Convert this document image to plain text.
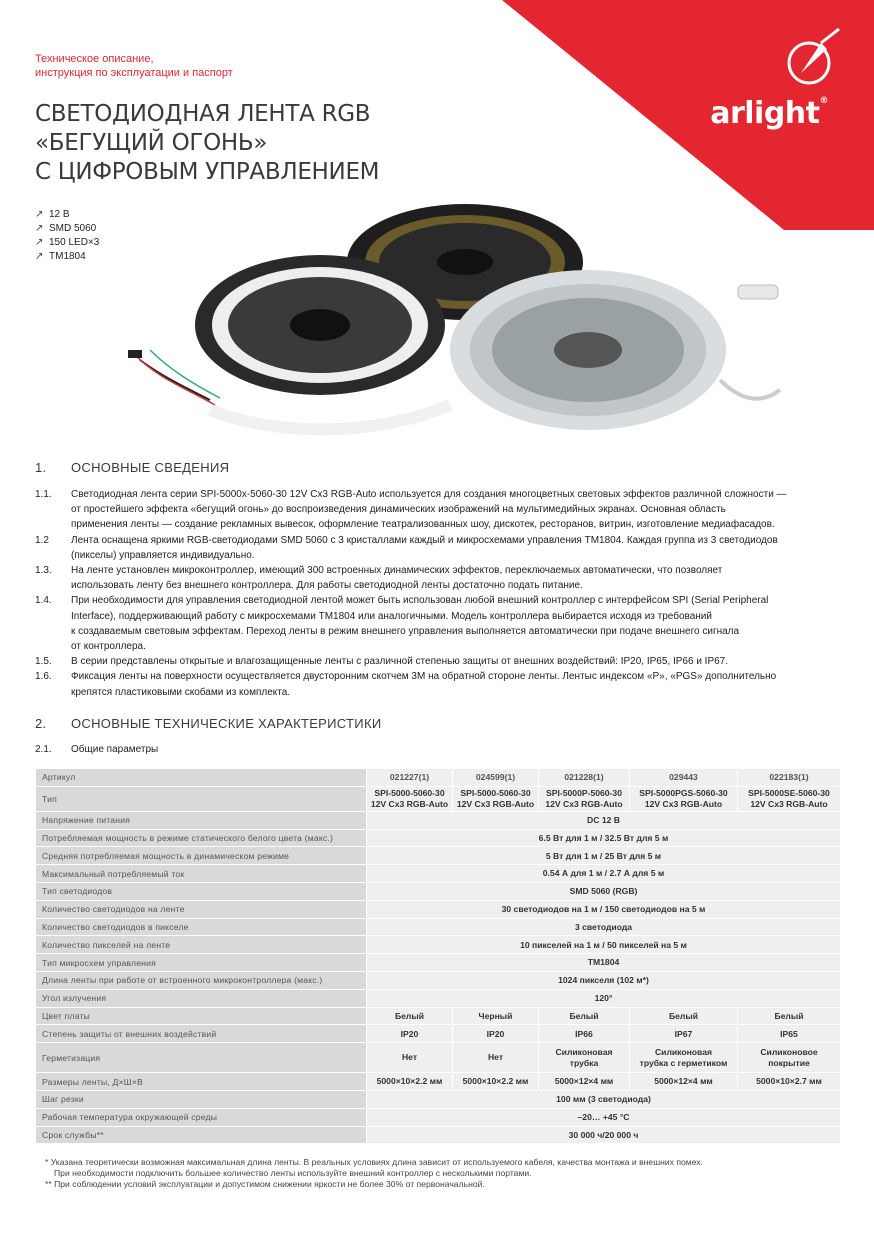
arlight®
Техническое описание,
инструкция по эксплуатации и паспорт
СВЕТОДИОДНАЯ ЛЕНТА RGB
«БЕГУЩИЙ ОГОНЬ»
С ЦИФРОВЫМ УПРАВЛЕНИЕМ
↗ 12 В
↗ SMD 5060
↗ 150 LED×3
↗ TM1804
1.	ОСНОВНЫЕ СВЕДЕНИЯ
1.1.	Светодиодная лента серии SPI-5000x-5060-30 12V Cx3 RGB-Auto используется для создания многоцветных световых эффектов различной сложности —
от простейшего эффекта «бегущий огонь» до воспроизведения динамических изображений на мультимедийных экранах. Основная область
применения ленты — создание рекламных вывесок, оформление театрализованных шоу, дискотек, ресторанов, витрин, изготовление медиафасадов.
1.2	Лента оснащена яркими RGB-светодиодами SMD 5060 с 3 кристаллами каждый и микросхемами управления TM1804. Каждая группа из 3 светодиодов
(пикселы) управляется индивидуально.
1.3.	На ленте установлен микроконтроллер, имеющий 300 встроенных динамических эффектов, переключаемых автоматически, что позволяет
использовать ленту без внешнего контроллера. Для работы светодиодной ленты достаточно подать питание.
1.4.	При необходимости для управления светодиодной лентой может быть использован любой внешний контроллер с интерфейсом SPI (Serial Peripheral
Interface), поддерживающий работу с микросхемами TM1804 или аналогичными. Модель контроллера выбирается исходя из требований
к создаваемым световым эффектам. Переход ленты в режим внешнего управления выполняется автоматически при подаче внешнего сигнала
от контроллера.
1.5.	В серии представлены открытые и влагозащищенные ленты с различной степенью защиты от внешних воздействий: IP20, IP65, IP66 и IP67.
1.6.	Фиксация ленты на поверхности осуществляется двусторонним скотчем 3M на обратной стороне ленты. Лентыс индексом «P», «PGS» дополнительно
крепятся пластиковыми скобами из комплекта.
2.	ОСНОВНЫЕ ТЕХНИЧЕСКИЕ ХАРАКТЕРИСТИКИ
2.1.	Общие параметры
Артикул	021227(1)	024599(1)	021228(1)	029443	022183(1)
Тип	SPI-5000-5060-30
12V Cx3 RGB-Auto	SPI-5000-5060-30
12V Cx3 RGB-Auto	SPI-5000P-5060-30
12V Cx3 RGB-Auto	SPI-5000PGS-5060-30
12V Cx3 RGB-Auto	SPI-5000SE-5060-30
12V Cx3 RGB-Auto
Напряжение питания	DC 12 В				
Потребляемая мощность в режиме статического белого цвета (макс.)	6.5 Вт для 1 м / 32.5 Вт для 5 м				
Средняя потребляемая мощность в динамическом режиме	5 Вт для 1 м / 25 Вт для 5 м				
Максимальный потребляемый ток	0.54 А для 1 м / 2.7 А для 5 м				
Тип светодиодов	SMD 5060 (RGB)				
Количество светодиодов на ленте	30 светодиодов на 1 м / 150 светодиодов на 5 м				
Количество светодиодов в пикселе	3 светодиода				
Количество пикселей на ленте	10 пикселей на 1 м / 50 пикселей на 5 м				
Тип микросхем управления	TM1804				
Длина ленты при работе от встроенного микроконтроллера (макс.)	1024 пикселя (102 м*)				
Угол излучения	120°				
Цвет платы	Белый	Черный	Белый	Белый	Белый
Степень защиты от внешних воздействий	IP20	IP20	IP66	IP67	IP65
Герметизация	Нет	Нет	Силиконовая
трубка	Силиконовая
трубка с герметиком	Силиконовое
покрытие
Размеры ленты, Д×Ш×В	5000×10×2.2 мм	5000×10×2.2 мм	5000×12×4 мм	5000×12×4 мм	5000×10×2.7 мм
Шаг резки	100 мм (3 светодиода)				
Рабочая температура окружающей среды	–20… +45 °C				
Срок службы**	30 000 ч/20 000 ч				
* Указана теоретически возможная максимальная длина ленты. В реальных условиях длина зависит от используемого кабеля, качества монтажа и внешних помех.
При необходимости подключить большее количество ленты используйте внешний контроллер с несколькими портами.
** При соблюдении условий эксплуатации и допустимом снижении яркости не более 30% от первоначальной.
